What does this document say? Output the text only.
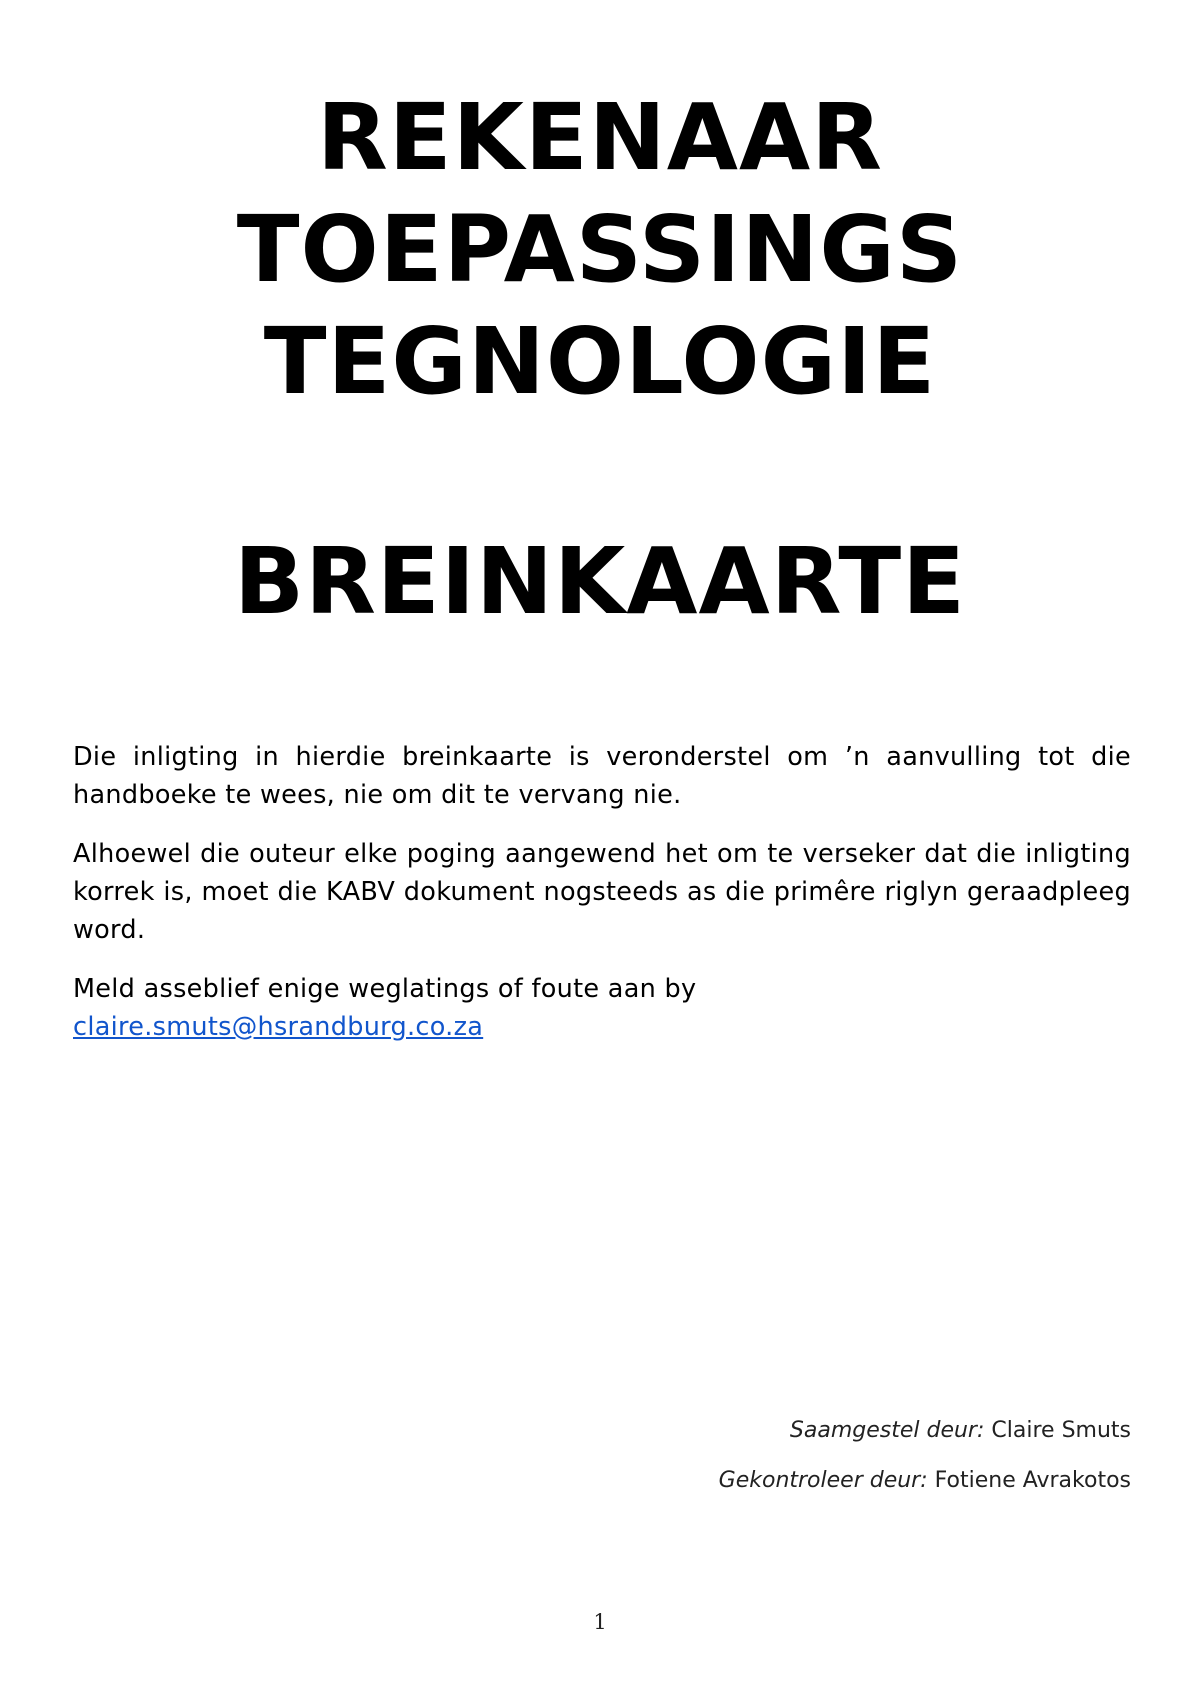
REKENAAR
TOEPASSINGS
TEGNOLOGIE
BREINKAARTE

Die inligting in hierdie breinkaarte is veronderstel om ’n aanvulling tot die handboeke te wees, nie om dit te vervang nie.

Alhoewel die outeur elke poging aangewend het om te verseker dat die inligting korrek is, moet die KABV dokument nogsteeds as die primêre riglyn geraadpleeg word.

Meld asseblief enige weglatings of foute aan by
claire.smuts@hsrandburg.co.za

Saamgestel deur: Claire Smuts
Gekontroleer deur: Fotiene Avrakotos
1
